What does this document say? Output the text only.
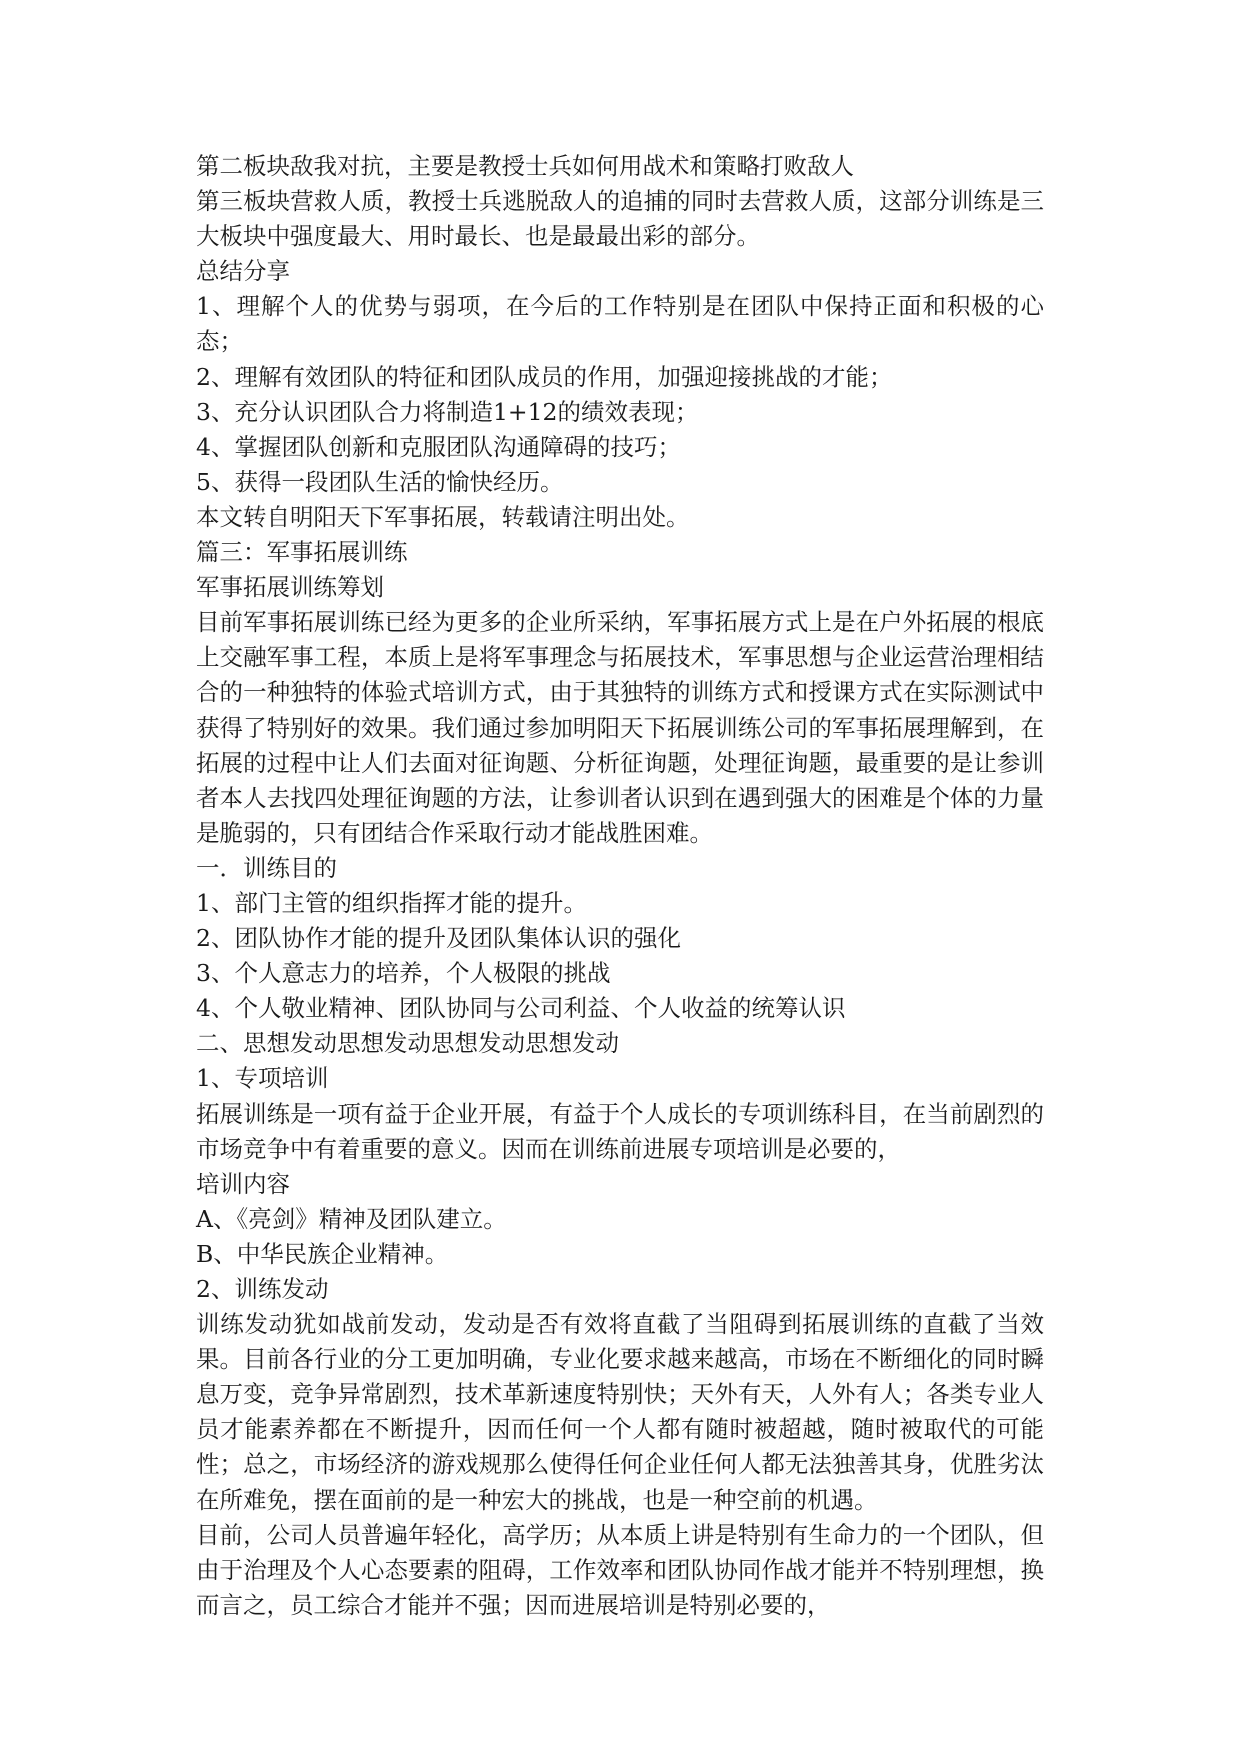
第二板块敌我对抗，主要是教授士兵如何用战术和策略打败敌人

第三板块营救人质，教授士兵逃脱敌人的追捕的同时去营救人质，这部分训练是三大板块中强度最大、用时最长、也是最最出彩的部分。

总结分享

1、理解个人的优势与弱项，在今后的工作特别是在团队中保持正面和积极的心态；

2、理解有效团队的特征和团队成员的作用，加强迎接挑战的才能；

3、充分认识团队合力将制造1+12的绩效表现；

4、掌握团队创新和克服团队沟通障碍的技巧；

5、获得一段团队生活的愉快经历。

本文转自明阳天下军事拓展，转载请注明出处。

篇三：军事拓展训练

军事拓展训练筹划

目前军事拓展训练已经为更多的企业所采纳，军事拓展方式上是在户外拓展的根底上交融军事工程，本质上是将军事理念与拓展技术，军事思想与企业运营治理相结合的一种独特的体验式培训方式，由于其独特的训练方式和授课方式在实际测试中获得了特别好的效果。我们通过参加明阳天下拓展训练公司的军事拓展理解到，在拓展的过程中让人们去面对征询题、分析征询题，处理征询题，最重要的是让参训者本人去找四处理征询题的方法，让参训者认识到在遇到强大的困难是个体的力量是脆弱的，只有团结合作采取行动才能战胜困难。

一．训练目的

1、部门主管的组织指挥才能的提升。

2、团队协作才能的提升及团队集体认识的强化

3、个人意志力的培养，个人极限的挑战

4、个人敬业精神、团队协同与公司利益、个人收益的统筹认识

二、思想发动思想发动思想发动思想发动

1、专项培训

拓展训练是一项有益于企业开展，有益于个人成长的专项训练科目，在当前剧烈的市场竞争中有着重要的意义。因而在训练前进展专项培训是必要的，

培训内容

A、《亮剑》精神及团队建立。

B、中华民族企业精神。

2、训练发动

训练发动犹如战前发动，发动是否有效将直截了当阻碍到拓展训练的直截了当效果。目前各行业的分工更加明确，专业化要求越来越高，市场在不断细化的同时瞬息万变，竞争异常剧烈，技术革新速度特别快；天外有天，人外有人；各类专业人员才能素养都在不断提升，因而任何一个人都有随时被超越，随时被取代的可能性；总之，市场经济的游戏规那么使得任何企业任何人都无法独善其身，优胜劣汰在所难免，摆在面前的是一种宏大的挑战，也是一种空前的机遇。

目前，公司人员普遍年轻化，高学历；从本质上讲是特别有生命力的一个团队，但由于治理及个人心态要素的阻碍，工作效率和团队协同作战才能并不特别理想，换而言之，员工综合才能并不强；因而进展培训是特别必要的，
